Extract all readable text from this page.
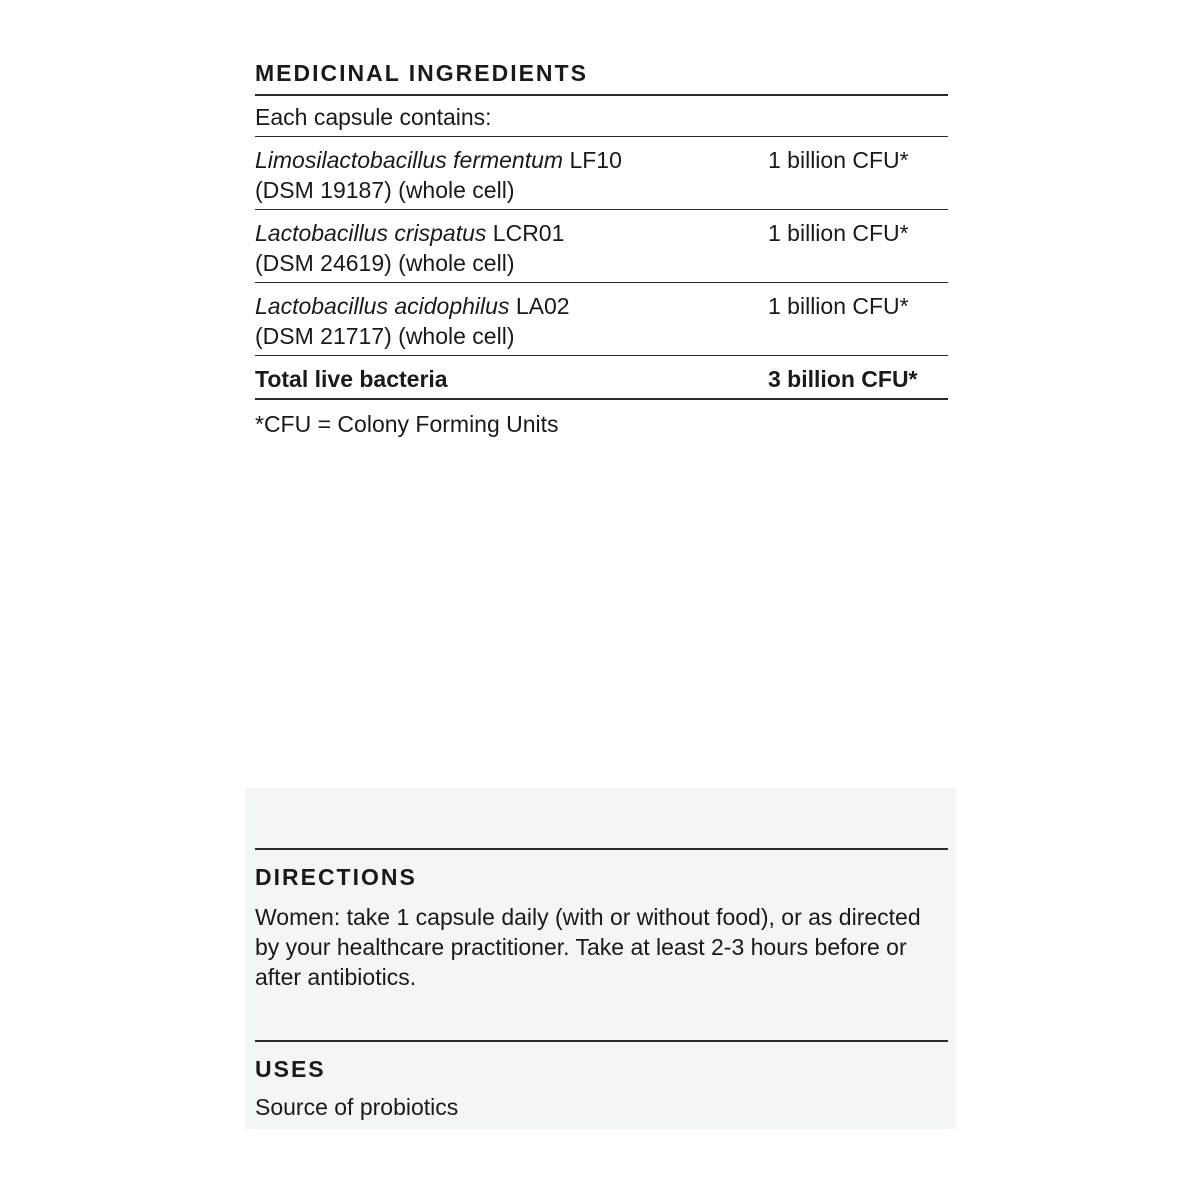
MEDICINAL INGREDIENTS
Each capsule contains:
Limosilactobacillus fermentum LF10
(DSM 19187) (whole cell)
1 billion CFU*
Lactobacillus crispatus LCR01
(DSM 24619) (whole cell)
1 billion CFU*
Lactobacillus acidophilus LA02
(DSM 21717) (whole cell)
1 billion CFU*
Total live bacteria	3 billion CFU*
*CFU = Colony Forming Units
DIRECTIONS

Women: take 1 capsule daily (with or without food), or as directed by your healthcare practitioner. Take at least 2-3 hours before or after antibiotics.

USES

Source of probiotics
